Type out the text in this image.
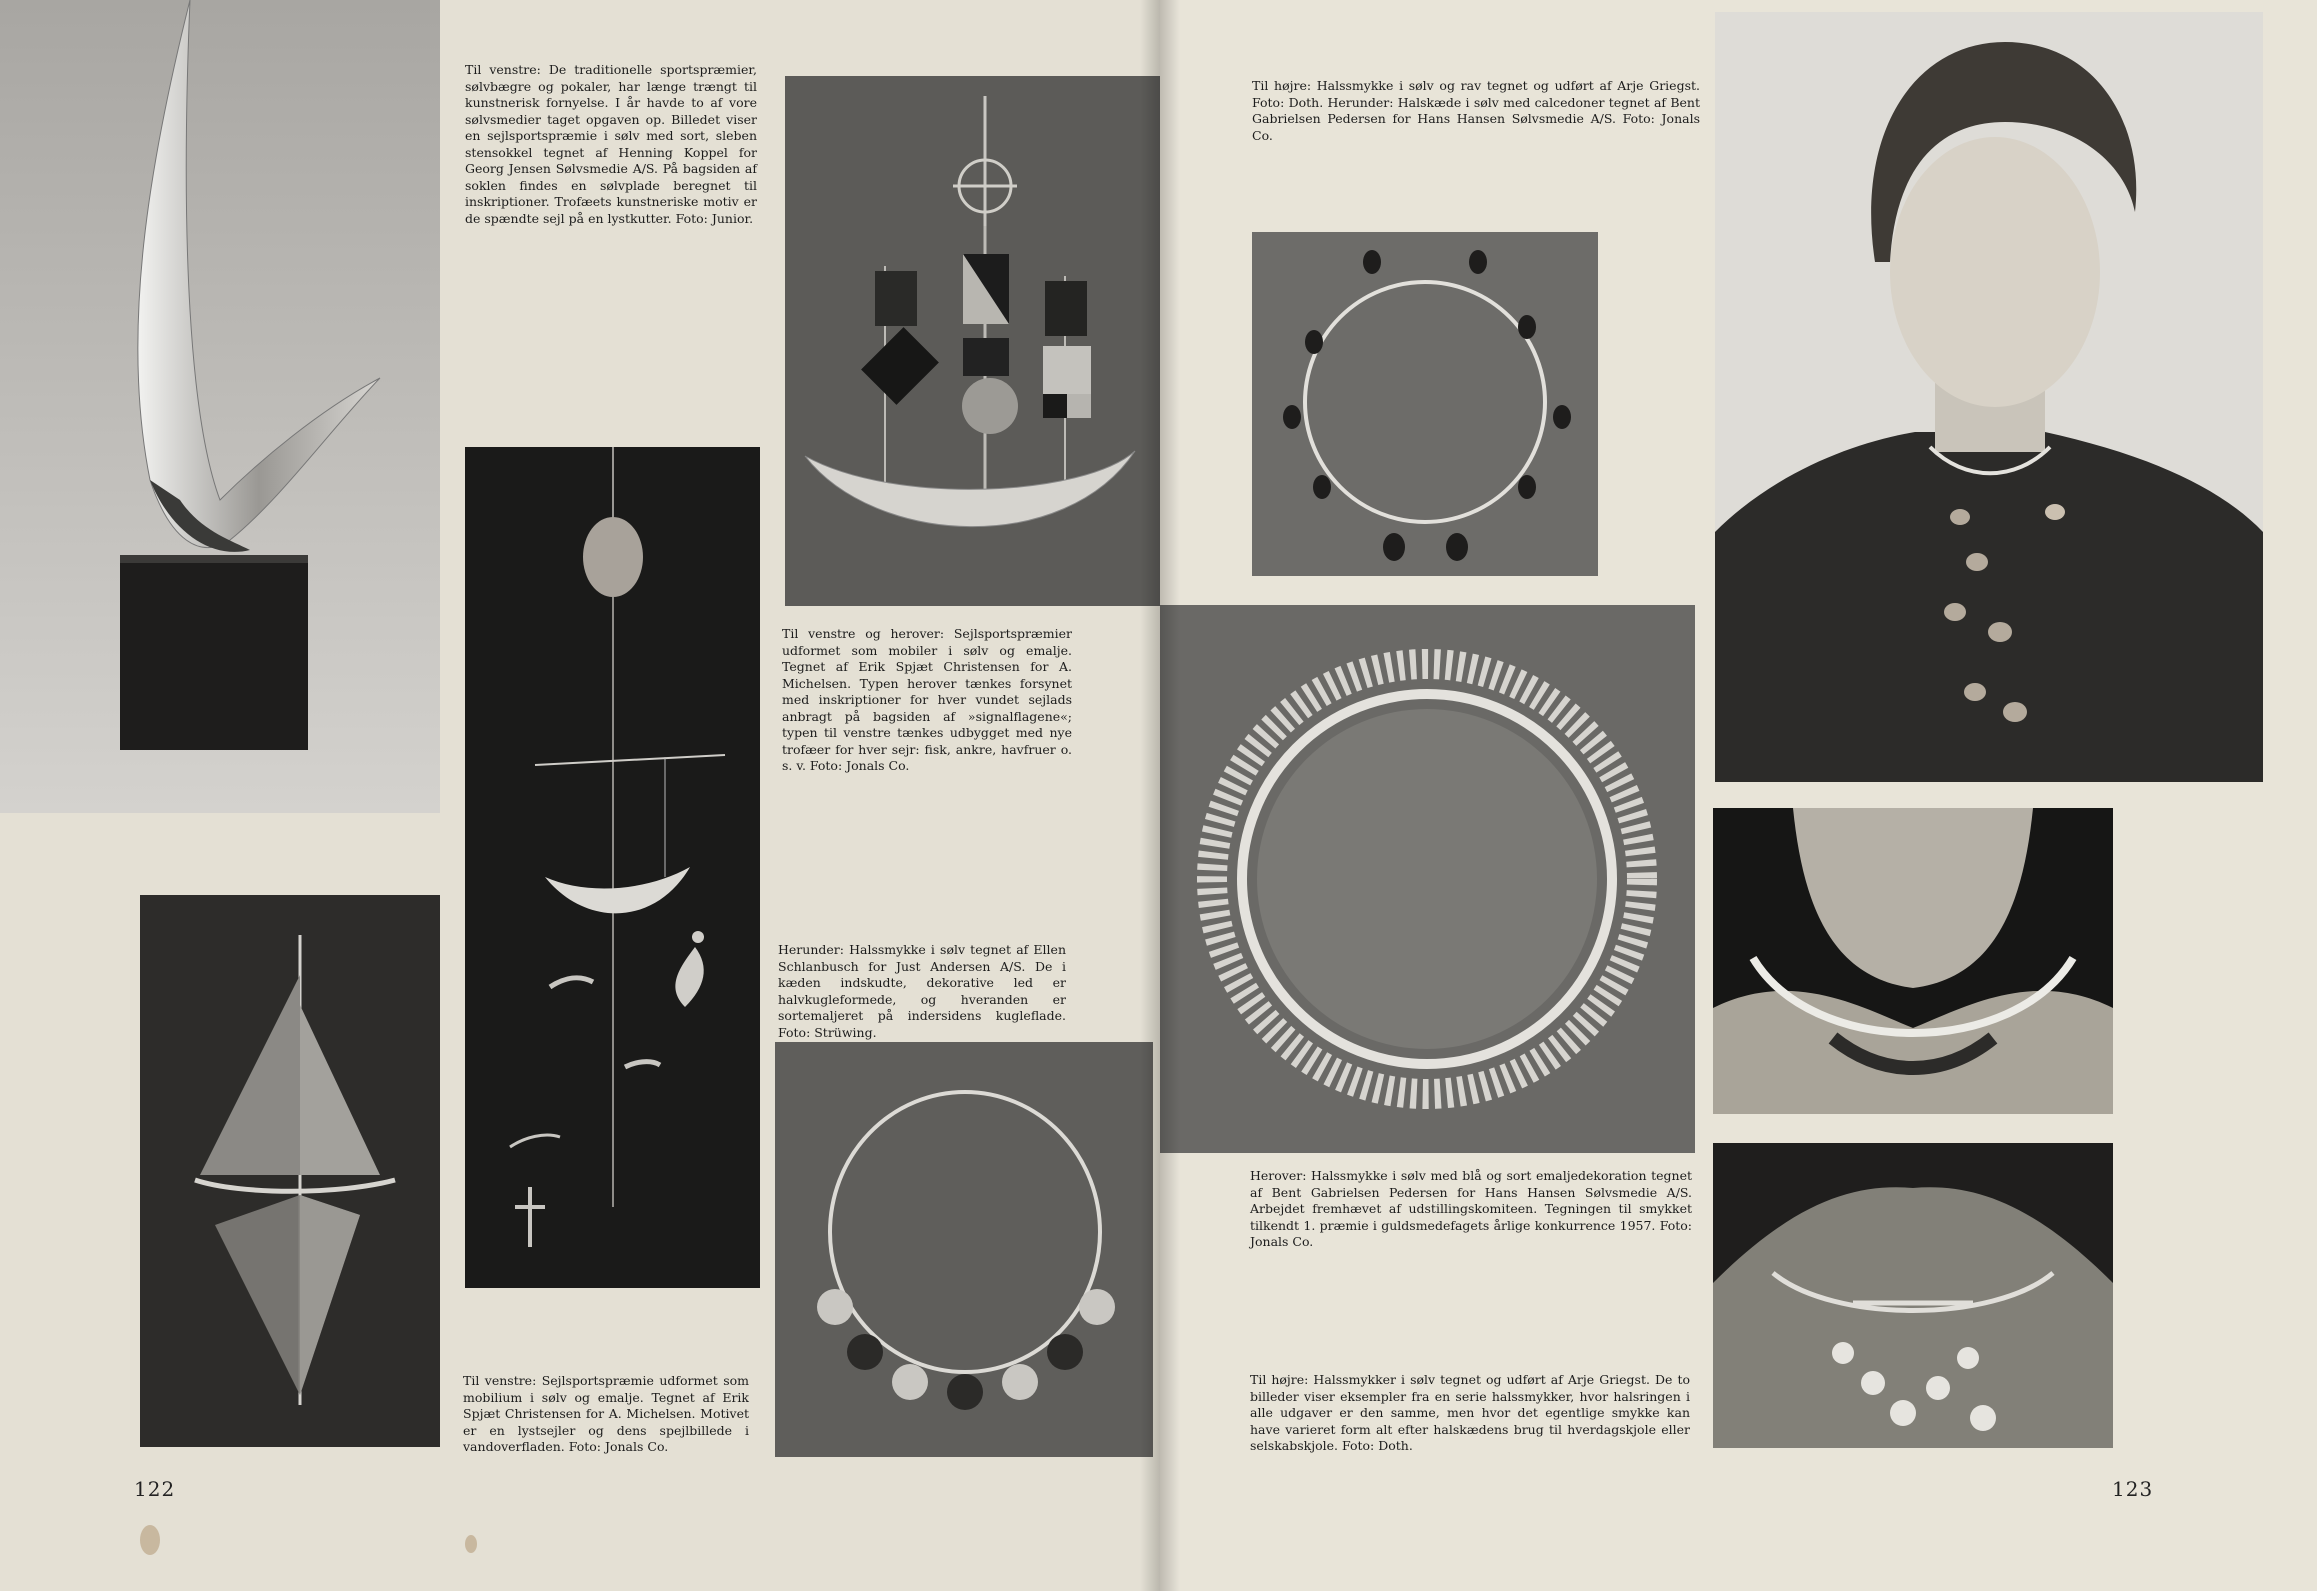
Til venstre: De traditionelle sportspræmier, sølvbægre og pokaler, har længe trængt til kunstnerisk fornyelse. I år havde to af vore sølvsmedier taget opgaven op. Billedet viser en sejlsportspræmie i sølv med sort, sleben stensokkel tegnet af Henning Koppel for Georg Jensen Sølvsmedie A/S. På bagsiden af soklen findes en sølvplade beregnet til inskriptioner. Trofæets kunstneriske motiv er de spændte sejl på en lystkutter. Foto: Junior.

Til venstre og herover: Sejlsportspræmier udformet som mobiler i sølv og emalje. Tegnet af Erik Spjæt Christensen for A. Michelsen. Typen herover tænkes forsynet med inskriptioner for hver vundet sejlads anbragt på bagsiden af »signalflagene«; typen til venstre tænkes udbygget med nye trofæer for hver sejr: fisk, ankre, havfruer o. s. v. Foto: Jonals Co.

Herunder: Halssmykke i sølv tegnet af Ellen Schlanbusch for Just Andersen A/S. De i kæden indskudte, dekorative led er halvkugleformede, og hveranden er sortemaljeret på indersidens kugleflade. Foto: Strüwing.

Til venstre: Sejlsportspræmie udformet som mobilium i sølv og emalje. Tegnet af Erik Spjæt Christensen for A. Michelsen. Motivet er en lystsejler og dens spejlbillede i vandoverfladen. Foto: Jonals Co.

122

Til højre: Halssmykke i sølv og rav tegnet og udført af Arje Griegst. Foto: Doth. Herunder: Halskæde i sølv med calcedoner tegnet af Bent Gabrielsen Pedersen for Hans Hansen Sølvsmedie A/S. Foto: Jonals Co.

Herover: Halssmykke i sølv med blå og sort emaljedekoration tegnet af Bent Gabrielsen Pedersen for Hans Hansen Sølvsmedie A/S. Arbejdet fremhævet af udstillingskomiteen. Tegningen til smykket tilkendt 1. præmie i guldsmedefagets årlige konkurrence 1957. Foto: Jonals Co.

Til højre: Halssmykker i sølv tegnet og udført af Arje Griegst. De to billeder viser eksempler fra en serie halssmykker, hvor halsringen i alle udgaver er den samme, men hvor det egentlige smykke kan have varieret form alt efter halskædens brug til hverdagskjole eller selskabskjole. Foto: Doth.

123
